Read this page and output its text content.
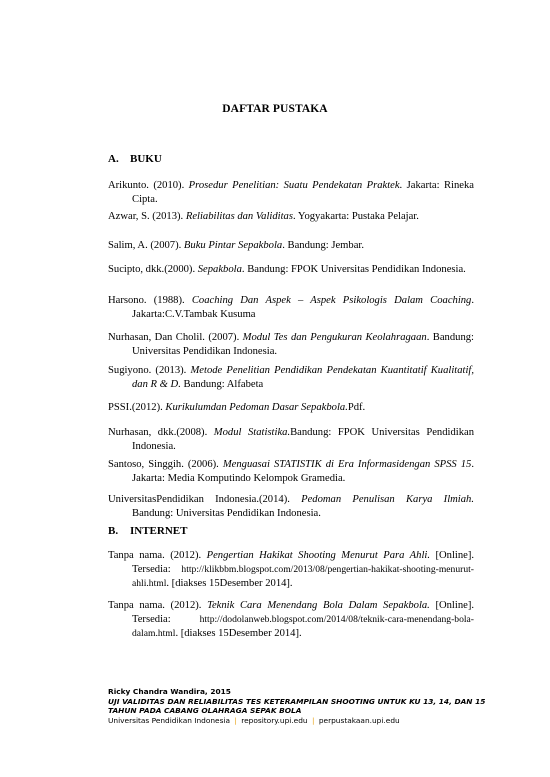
DAFTAR PUSTAKA
A. BUKU
Arikunto. (2010). Prosedur Penelitian: Suatu Pendekatan Praktek. Jakarta: Rineka Cipta.
Azwar, S. (2013). Reliabilitas dan Validitas. Yogyakarta: Pustaka Pelajar.
Salim, A. (2007). Buku Pintar Sepakbola. Bandung: Jembar.
Sucipto, dkk.(2000). Sepakbola. Bandung: FPOK Universitas Pendidikan Indonesia.
Harsono. (1988). Coaching Dan Aspek – Aspek Psikologis Dalam Coaching. Jakarta:C.V.Tambak Kusuma
Nurhasan, Dan Cholil. (2007). Modul Tes dan Pengukuran Keolahragaan. Bandung: Universitas Pendidikan Indonesia.
Sugiyono. (2013). Metode Penelitian Pendidikan Pendekatan Kuantitatif Kualitatif, dan R & D. Bandung: Alfabeta
PSSI.(2012). Kurikulumdan Pedoman Dasar Sepakbola.Pdf.
Nurhasan, dkk.(2008). Modul Statistika.Bandung: FPOK Universitas Pendidikan Indonesia.
Santoso, Singgih. (2006). Menguasai STATISTIK di Era Informasidengan SPSS 15. Jakarta: Media Komputindo Kelompok Gramedia.
UniversitasPendidikan Indonesia.(2014). Pedoman Penulisan Karya Ilmiah. Bandung: Universitas Pendidikan Indonesia.
B. INTERNET
Tanpa nama. (2012). Pengertian Hakikat Shooting Menurut Para Ahli. [Online]. Tersedia: http://klikbbm.blogspot.com/2013/08/pengertian-hakikat-shooting-menurut-ahli.html. [diakses 15Desember 2014].
Tanpa nama. (2012). Teknik Cara Menendang Bola Dalam Sepakbola. [Online]. Tersedia: http://dodolanweb.blogspot.com/2014/08/teknik-cara-menendang-bola-dalam.html. [diakses 15Desember 2014].
Ricky Chandra Wandira, 2015
UJI VALIDITAS DAN RELIABILITAS TES KETERAMPILAN SHOOTING UNTUK KU 13, 14, DAN 15 TAHUN PADA CABANG OLAHRAGA SEPAK BOLA
Universitas Pendidikan Indonesia | repository.upi.edu | perpustakaan.upi.edu
